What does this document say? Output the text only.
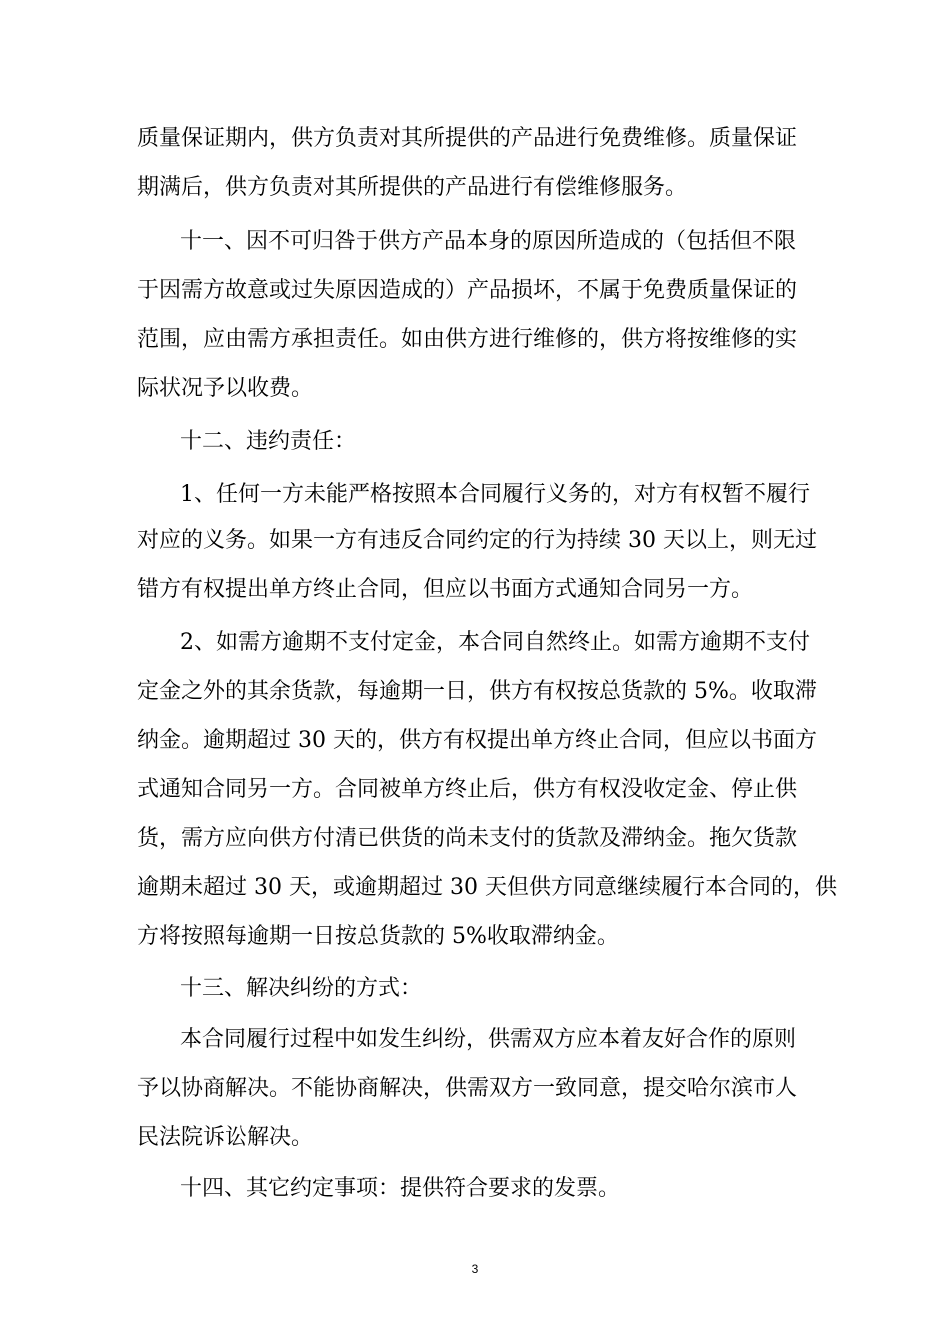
质量保证期内，供方负责对其所提供的产品进行免费维修。质量保证
期满后，供方负责对其所提供的产品进行有偿维修服务。
十一、因不可归咎于供方产品本身的原因所造成的（包括但不限
于因需方故意或过失原因造成的）产品损坏，不属于免费质量保证的
范围，应由需方承担责任。如由供方进行维修的，供方将按维修的实
际状况予以收费。
十二、违约责任：
1、任何一方未能严格按照本合同履行义务的，对方有权暂不履行
对应的义务。如果一方有违反合同约定的行为持续 30 天以上，则无过
错方有权提出单方终止合同，但应以书面方式通知合同另一方。
2、如需方逾期不支付定金，本合同自然终止。如需方逾期不支付
定金之外的其余货款，每逾期一日，供方有权按总货款的 5%。收取滞
纳金。逾期超过 30 天的，供方有权提出单方终止合同，但应以书面方
式通知合同另一方。合同被单方终止后，供方有权没收定金、停止供
货，需方应向供方付清已供货的尚未支付的货款及滞纳金。拖欠货款
逾期未超过 30 天，或逾期超过 30 天但供方同意继续履行本合同的，供
方将按照每逾期一日按总货款的 5%收取滞纳金。
十三、解决纠纷的方式：
本合同履行过程中如发生纠纷，供需双方应本着友好合作的原则
予以协商解决。不能协商解决，供需双方一致同意，提交哈尔滨市人
民法院诉讼解决。
十四、其它约定事项：提供符合要求的发票。
3
